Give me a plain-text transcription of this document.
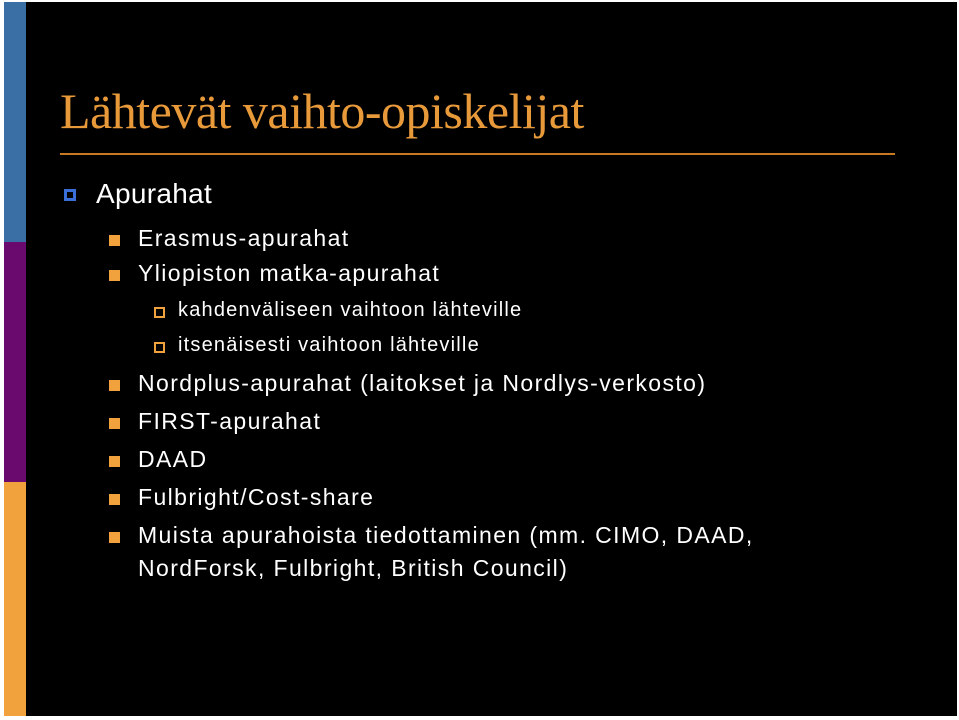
Lähtevät vaihto-opiskelijat
Apurahat
Erasmus-apurahat
Yliopiston matka-apurahat
kahdenväliseen vaihtoon lähteville
itsenäisesti vaihtoon lähteville
Nordplus-apurahat (laitokset ja Nordlys-verkosto)
FIRST-apurahat
DAAD
Fulbright/Cost-share
Muista apurahoista tiedottaminen (mm. CIMO, DAAD,
NordForsk, Fulbright, British Council)
